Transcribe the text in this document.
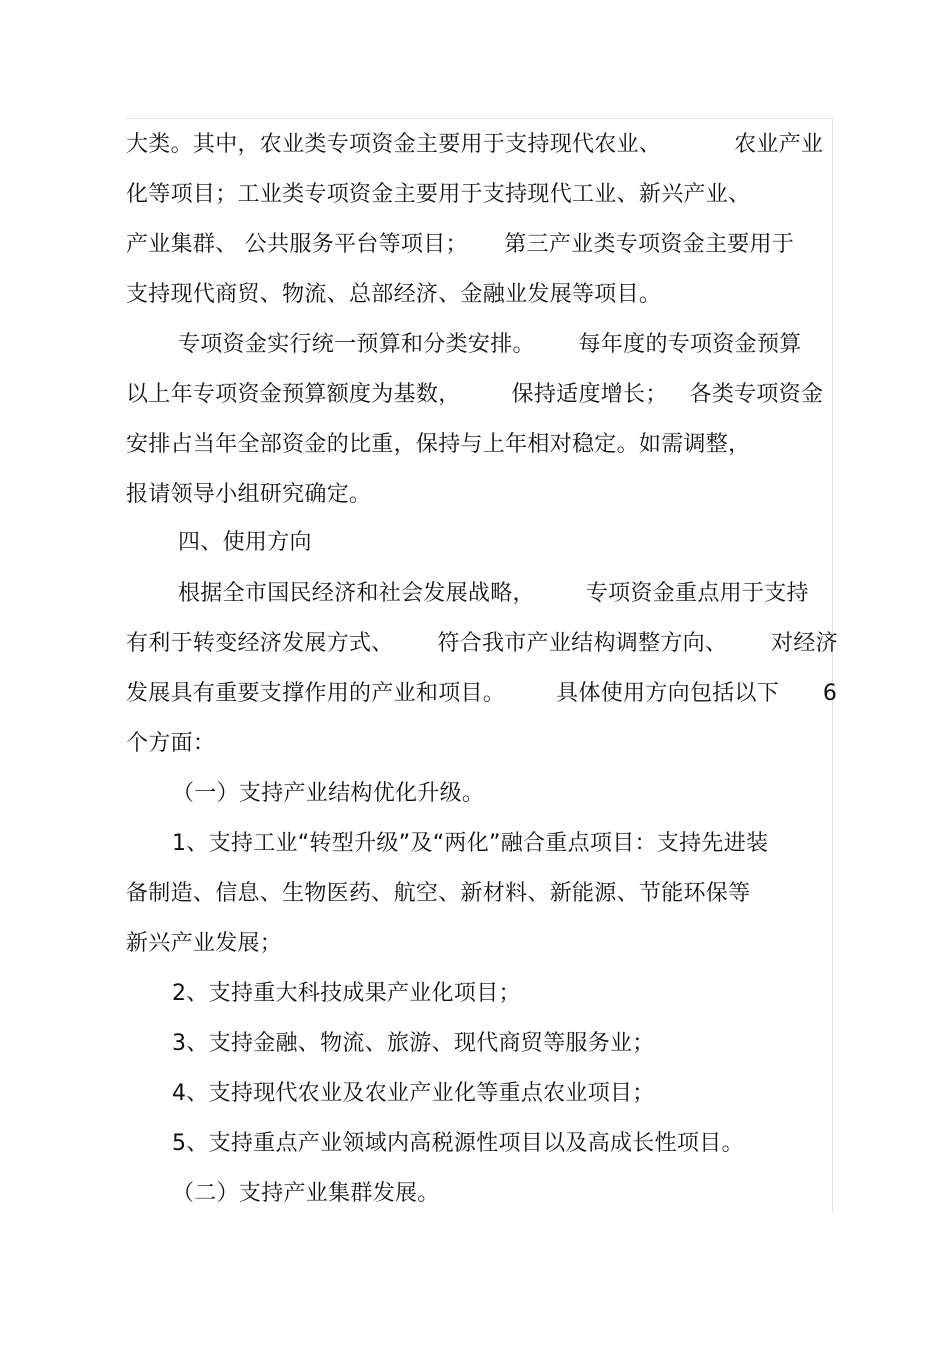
大类。其中，农业类专项资金主要用于支持现代农业、          农业产业
化等项目；工业类专项资金主要用于支持现代工业、新兴产业、
产业集群、 公共服务平台等项目；     第三产业类专项资金主要用于
支持现代商贸、物流、总部经济、金融业发展等项目。
专项资金实行统一预算和分类安排。      每年度的专项资金预算
以上年专项资金预算额度为基数，       保持适度增长；   各类专项资金
安排占当年全部资金的比重，保持与上年相对稳定。如需调整，
报请领导小组研究确定。
四、使用方向
根据全市国民经济和社会发展战略，       专项资金重点用于支持
有利于转变经济发展方式、      符合我市产业结构调整方向、      对经济
发展具有重要支撑作用的产业和项目。       具体使用方向包括以下      6
个方面：
（一）支持产业结构优化升级。
1、支持工业“转型升级”及“两化”融合重点项目：支持先进装
备制造、信息、生物医药、航空、新材料、新能源、节能环保等
新兴产业发展；
2、支持重大科技成果产业化项目；
3、支持金融、物流、旅游、现代商贸等服务业；
4、支持现代农业及农业产业化等重点农业项目；
5、支持重点产业领域内高税源性项目以及高成长性项目。
（二）支持产业集群发展。
